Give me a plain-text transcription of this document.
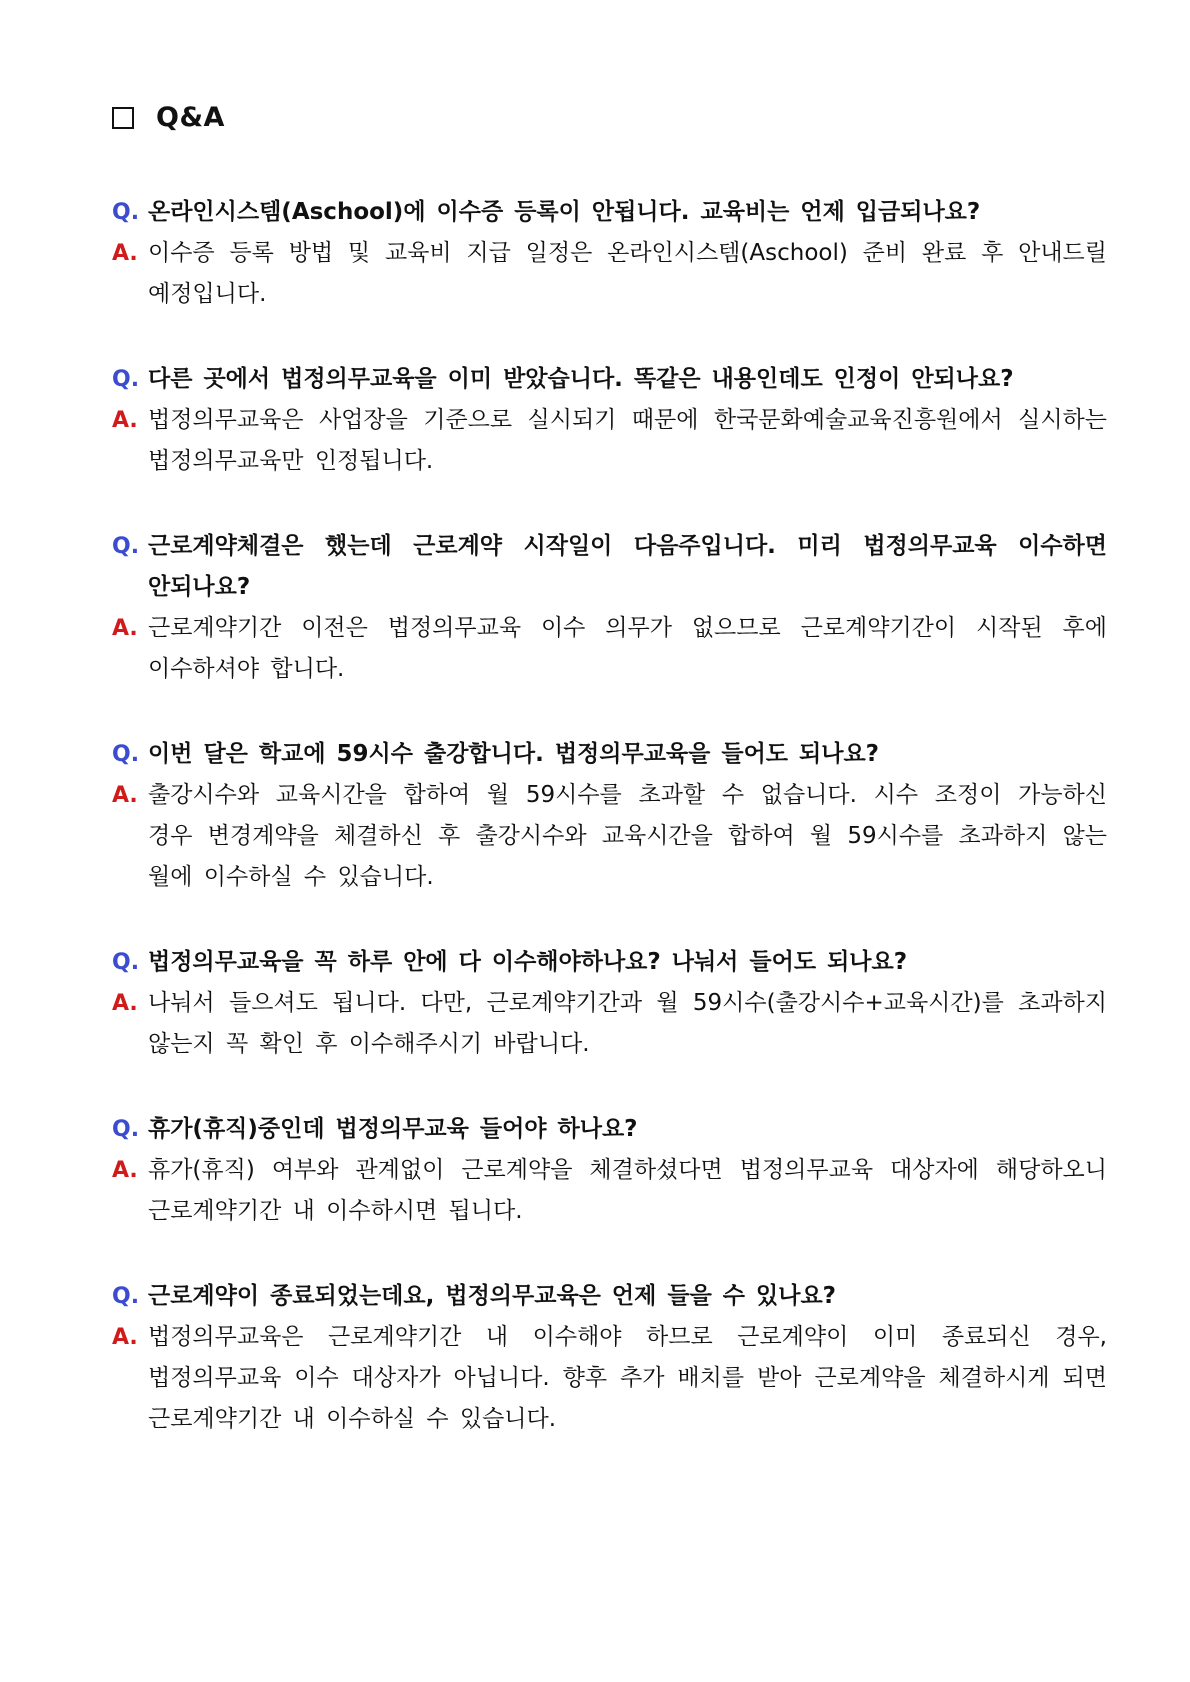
Q&A
Q. 온라인시스템(Aschool)에 이수증 등록이 안됩니다. 교육비는 언제 입금되나요?
A. 이수증 등록 방법 및 교육비 지급 일정은 온라인시스템(Aschool) 준비 완료 후 안내드릴 예정입니다.
Q. 다른 곳에서 법정의무교육을 이미 받았습니다. 똑같은 내용인데도 인정이 안되나요?
A. 법정의무교육은 사업장을 기준으로 실시되기 때문에 한국문화예술교육진흥원에서 실시하는 법정의무교육만 인정됩니다.
Q. 근로계약체결은 했는데 근로계약 시작일이 다음주입니다. 미리 법정의무교육 이수하면 안되나요?
A. 근로계약기간 이전은 법정의무교육 이수 의무가 없으므로 근로계약기간이 시작된 후에 이수하셔야 합니다.
Q. 이번 달은 학교에 59시수 출강합니다. 법정의무교육을 들어도 되나요?
A. 출강시수와 교육시간을 합하여 월 59시수를 초과할 수 없습니다. 시수 조정이 가능하신 경우 변경계약을 체결하신 후 출강시수와 교육시간을 합하여 월 59시수를 초과하지 않는 월에 이수하실 수 있습니다.
Q. 법정의무교육을 꼭 하루 안에 다 이수해야하나요? 나눠서 들어도 되나요?
A. 나눠서 들으셔도 됩니다. 다만, 근로계약기간과 월 59시수(출강시수+교육시간)를 초과하지 않는지 꼭 확인 후 이수해주시기 바랍니다.
Q. 휴가(휴직)중인데 법정의무교육 들어야 하나요?
A. 휴가(휴직) 여부와 관계없이 근로계약을 체결하셨다면 법정의무교육 대상자에 해당하오니 근로계약기간 내 이수하시면 됩니다.
Q. 근로계약이 종료되었는데요, 법정의무교육은 언제 들을 수 있나요?
A. 법정의무교육은 근로계약기간 내 이수해야 하므로 근로계약이 이미 종료되신 경우, 법정의무교육 이수 대상자가 아닙니다. 향후 추가 배치를 받아 근로계약을 체결하시게 되면 근로계약기간 내 이수하실 수 있습니다.
